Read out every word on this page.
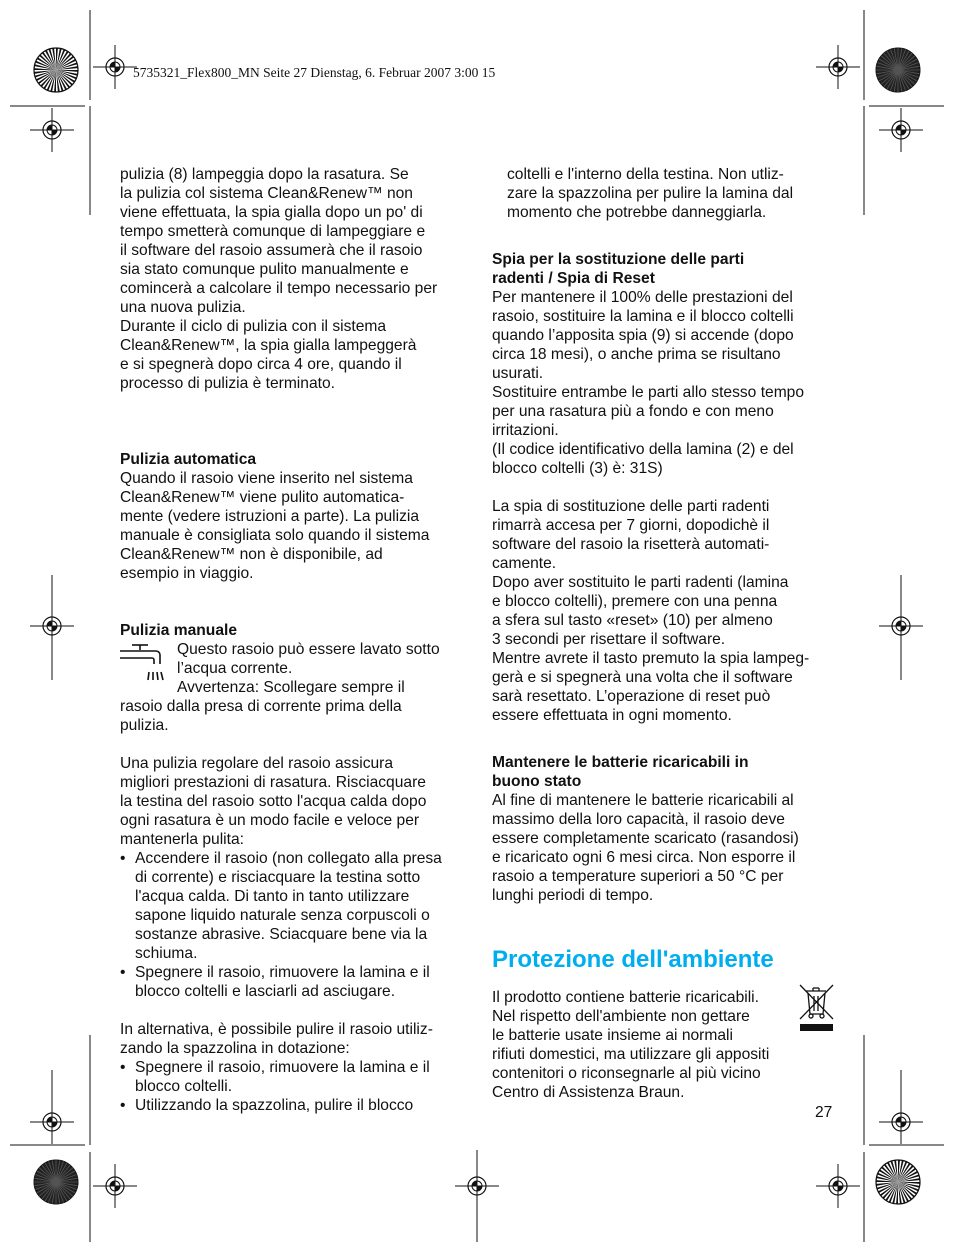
5735321_Flex800_MN Seite 27 Dienstag, 6. Februar 2007 3:00 15
pulizia (8) lampeggia dopo la rasatura. Se
la pulizia col sistema Clean&Renew™ non
viene effettuata, la spia gialla dopo un po' di
tempo smetterà comunque di lampeggiare e
il software del rasoio assumerà che il rasoio
sia stato comunque pulito manualmente e
comincerà a calcolare il tempo necessario per
una nuova pulizia.
Durante il ciclo di pulizia con il sistema
Clean&Renew™, la spia gialla lampeggerà
e si spegnerà dopo circa 4 ore, quando il
processo di pulizia è terminato.
Pulizia automatica
Quando il rasoio viene inserito nel sistema
Clean&Renew™ viene pulito automatica-
mente (vedere istruzioni a parte). La pulizia
manuale è consigliata solo quando il sistema
Clean&Renew™ non è disponibile, ad
esempio in viaggio.
Pulizia manuale
Questo rasoio può essere lavato sotto
l’acqua corrente.
Avvertenza: Scollegare sempre il
rasoio dalla presa di corrente prima della
pulizia.
Una pulizia regolare del rasoio assicura
migliori prestazioni di rasatura. Risciacquare
la testina del rasoio sotto l'acqua calda dopo
ogni rasatura è un modo facile e veloce per
mantenerla pulita:
• Accendere il rasoio (non collegato alla presa
di corrente) e risciacquare la testina sotto
l'acqua calda. Di tanto in tanto utilizzare
sapone liquido naturale senza corpuscoli o
sostanze abrasive. Sciacquare bene via la
schiuma.
• Spegnere il rasoio, rimuovere la lamina e il
blocco coltelli e lasciarli ad asciugare.
In alternativa, è possibile pulire il rasoio utiliz-
zando la spazzolina in dotazione:
• Spegnere il rasoio, rimuovere la lamina e il
blocco coltelli.
• Utilizzando la spazzolina, pulire il blocco
coltelli e l'interno della testina. Non utliz-
zare la spazzolina per pulire la lamina dal
momento che potrebbe danneggiarla.
Spia per la sostituzione delle parti
radenti / Spia di Reset
Per mantenere il 100% delle prestazioni del
rasoio, sostituire la lamina e il blocco coltelli
quando l’apposita spia (9) si accende (dopo
circa 18 mesi), o anche prima se risultano
usurati.
Sostituire entrambe le parti allo stesso tempo
per una rasatura più a fondo e con meno
irritazioni.
(Il codice identificativo della lamina (2) e del
blocco coltelli (3) è: 31S)
La spia di sostituzione delle parti radenti
rimarrà accesa per 7 giorni, dopodichè il
software del rasoio la risetterà automati-
camente.
Dopo aver sostituito le parti radenti (lamina
e blocco coltelli), premere con una penna
a sfera sul tasto «reset» (10) per almeno
3 secondi per risettare il software.
Mentre avrete il tasto premuto la spia lampeg-
gerà e si spegnerà una volta che il software
sarà resettato. L’operazione di reset può
essere effettuata in ogni momento.
Mantenere le batterie ricaricabili in
buono stato
Al fine di mantenere le batterie ricaricabili al
massimo della loro capacità, il rasoio deve
essere completamente scaricato (rasandosi)
e ricaricato ogni 6 mesi circa. Non esporre il
rasoio a temperature superiori a 50 °C per
lunghi periodi di tempo.
Protezione dell'ambiente
Il prodotto contiene batterie ricaricabili.
Nel rispetto dell'ambiente non gettare
le batterie usate insieme ai normali
rifiuti domestici, ma utilizzare gli appositi
contenitori o riconsegnarle al più vicino
Centro di Assistenza Braun.
27
